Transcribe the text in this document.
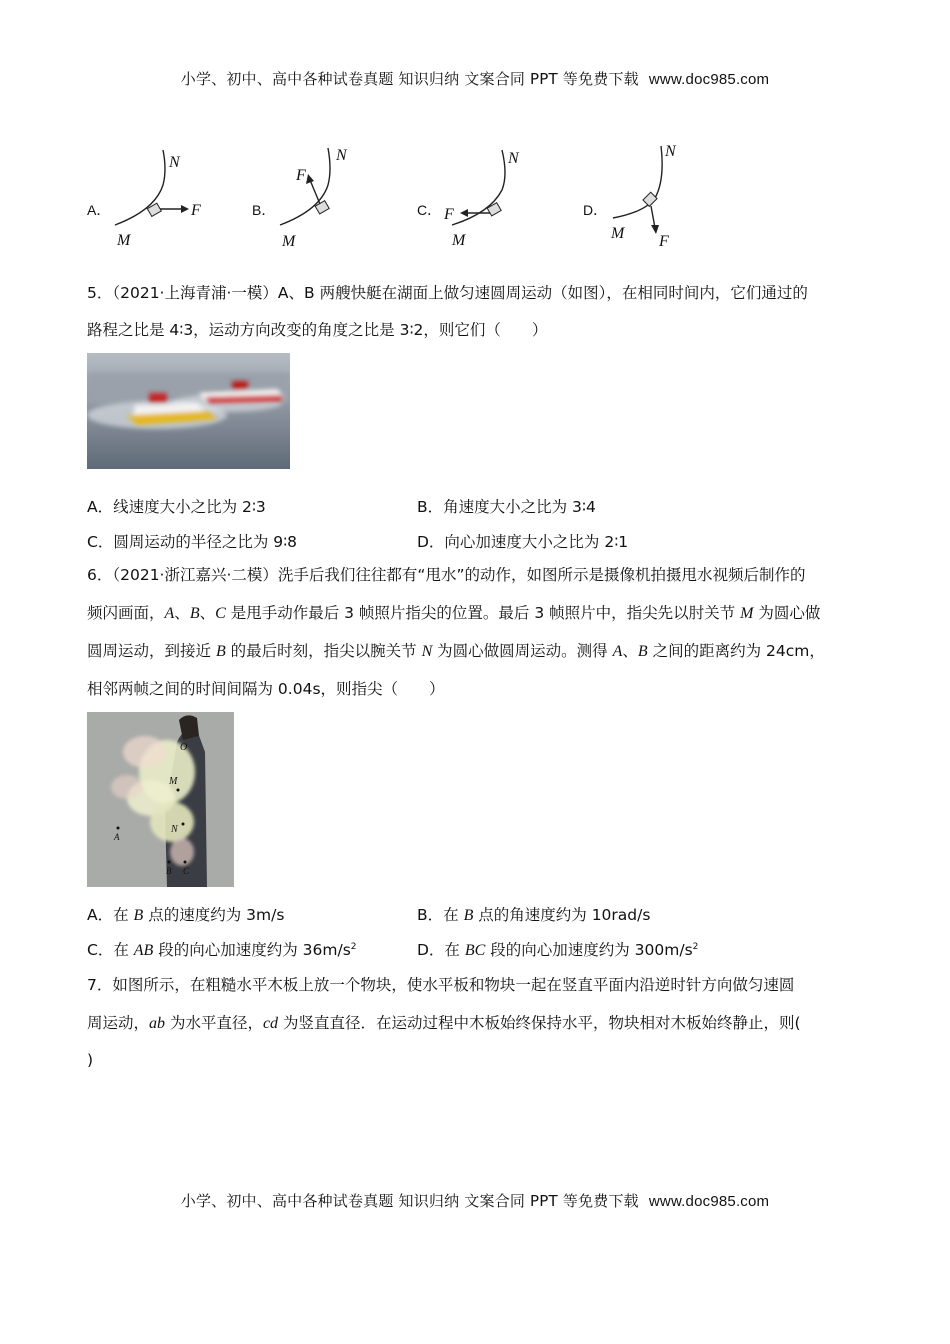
小学、初中、高中各种试卷真题 知识归纳 文案合同 PPT 等免费下载 www.doc985.com
A．
M
N
F	B．
M
N
F
C．
M
N
F	D．
M
N
F
5．（2021·上海青浦·一模）A、B 两艘快艇在湖面上做匀速圆周运动（如图），在相同时间内，它们通过的
路程之比是 4∶3，运动方向改变的角度之比是 3∶2，则它们（　　）
A．线速度大小之比为 2∶3	B．角速度大小之比为 3∶4
C．圆周运动的半径之比为 9∶8	D．向心加速度大小之比为 2∶1
6．（2021·浙江嘉兴·二模）洗手后我们往往都有“甩水”的动作，如图所示是摄像机拍摄甩水视频后制作的
频闪画面，A、B、C 是甩手动作最后 3 帧照片指尖的位置。最后 3 帧照片中，指尖先以肘关节 M 为圆心做
圆周运动，到接近 B 的最后时刻，指尖以腕关节 N 为圆心做圆周运动。测得 A、B 之间的距离约为 24cm，
相邻两帧之间的时间间隔为 0.04s，则指尖（　　）
O
M
N
A
B C
A．在 B 点的速度约为 3m/s	B．在 B 点的角速度约为 10rad/s
C．在 AB 段的向心加速度约为 $36m/s^2$	D．在 BC 段的向心加速度约为 $300m/s^2$
7．如图所示，在粗糙水平木板上放一个物块，使水平板和物块一起在竖直平面内沿逆时针方向做匀速圆
周运动，ab 为水平直径，cd 为竖直直径．在运动过程中木板始终保持水平，物块相对木板始终静止，则(
)
小学、初中、高中各种试卷真题 知识归纳 文案合同 PPT 等免费下载 www.doc985.com
